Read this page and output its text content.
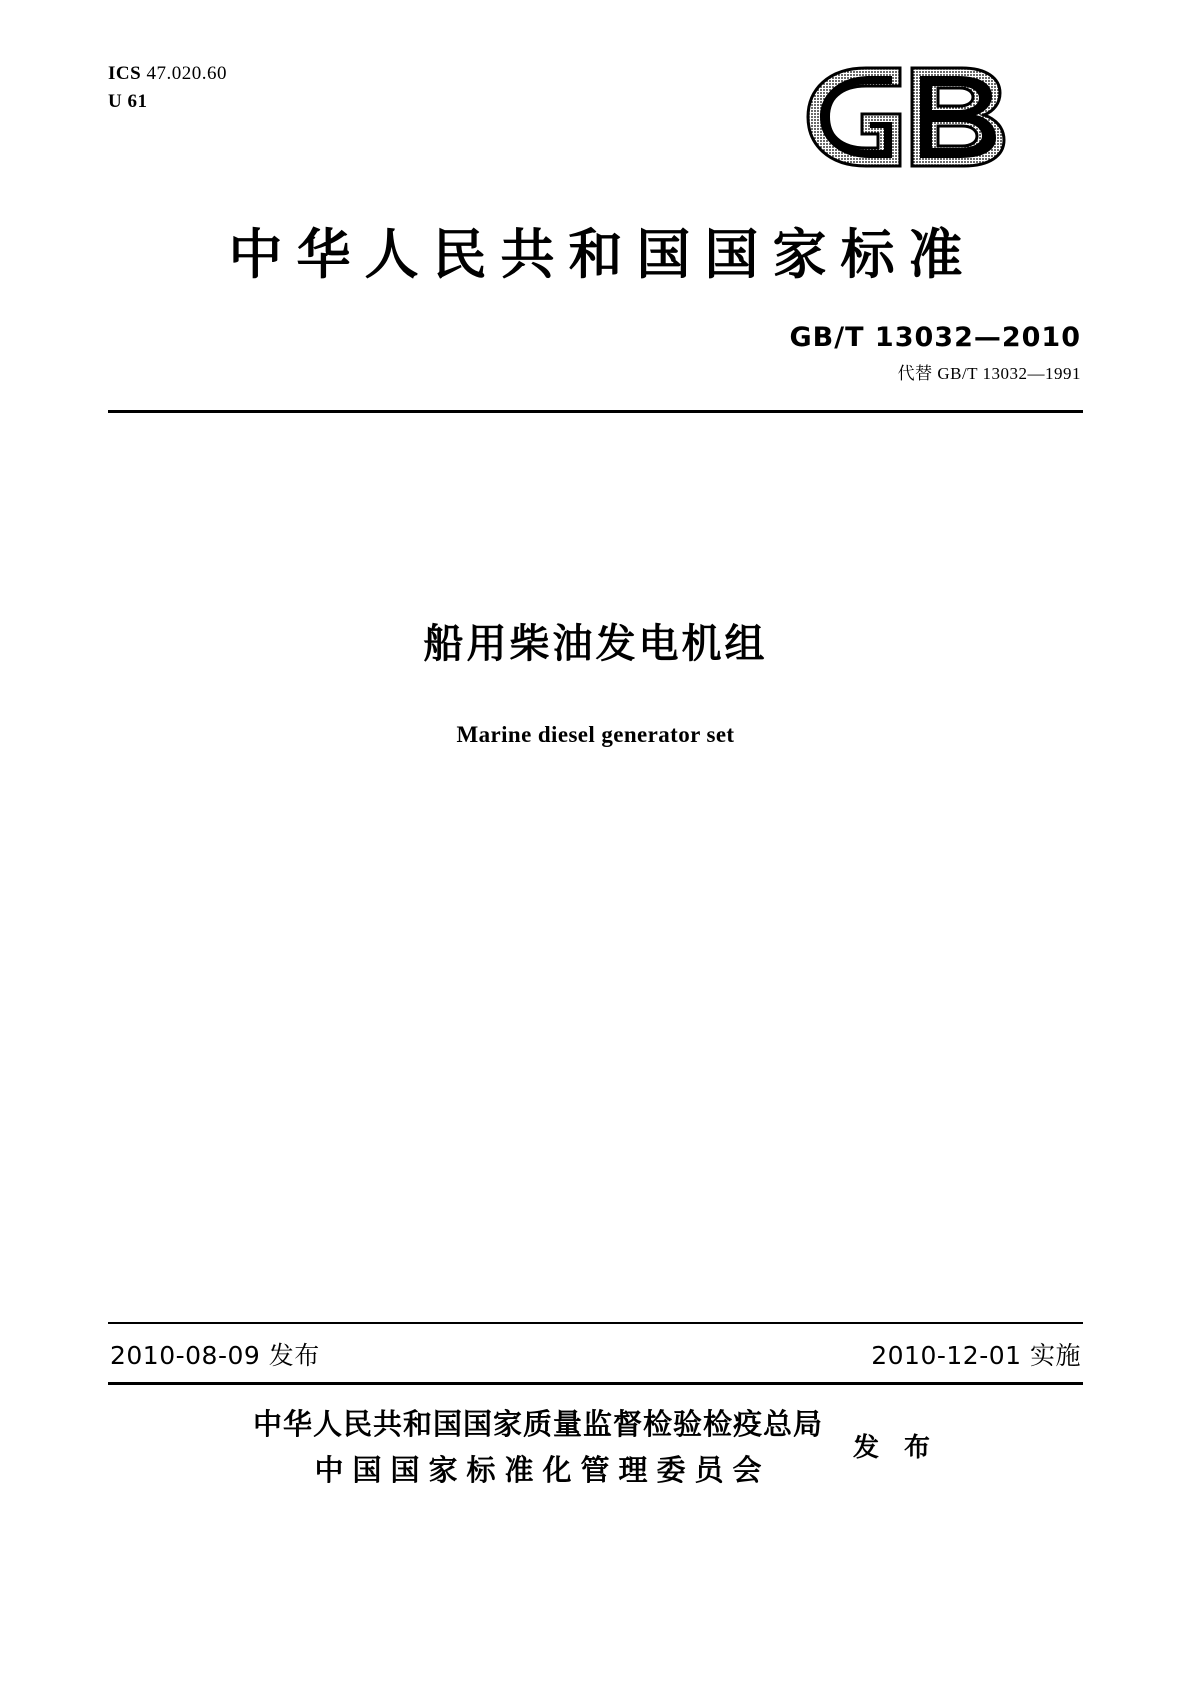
ICS 47.020.60
U 61
中华人民共和国国家标准
GB/T 13032—2010
代替 GB/T 13032—1991
船用柴油发电机组
Marine diesel generator set
2010-08-09 发布	2010-12-01 实施
中华人民共和国国家质量监督检验检疫总局
中国国家标准化管理委员会
发 布
